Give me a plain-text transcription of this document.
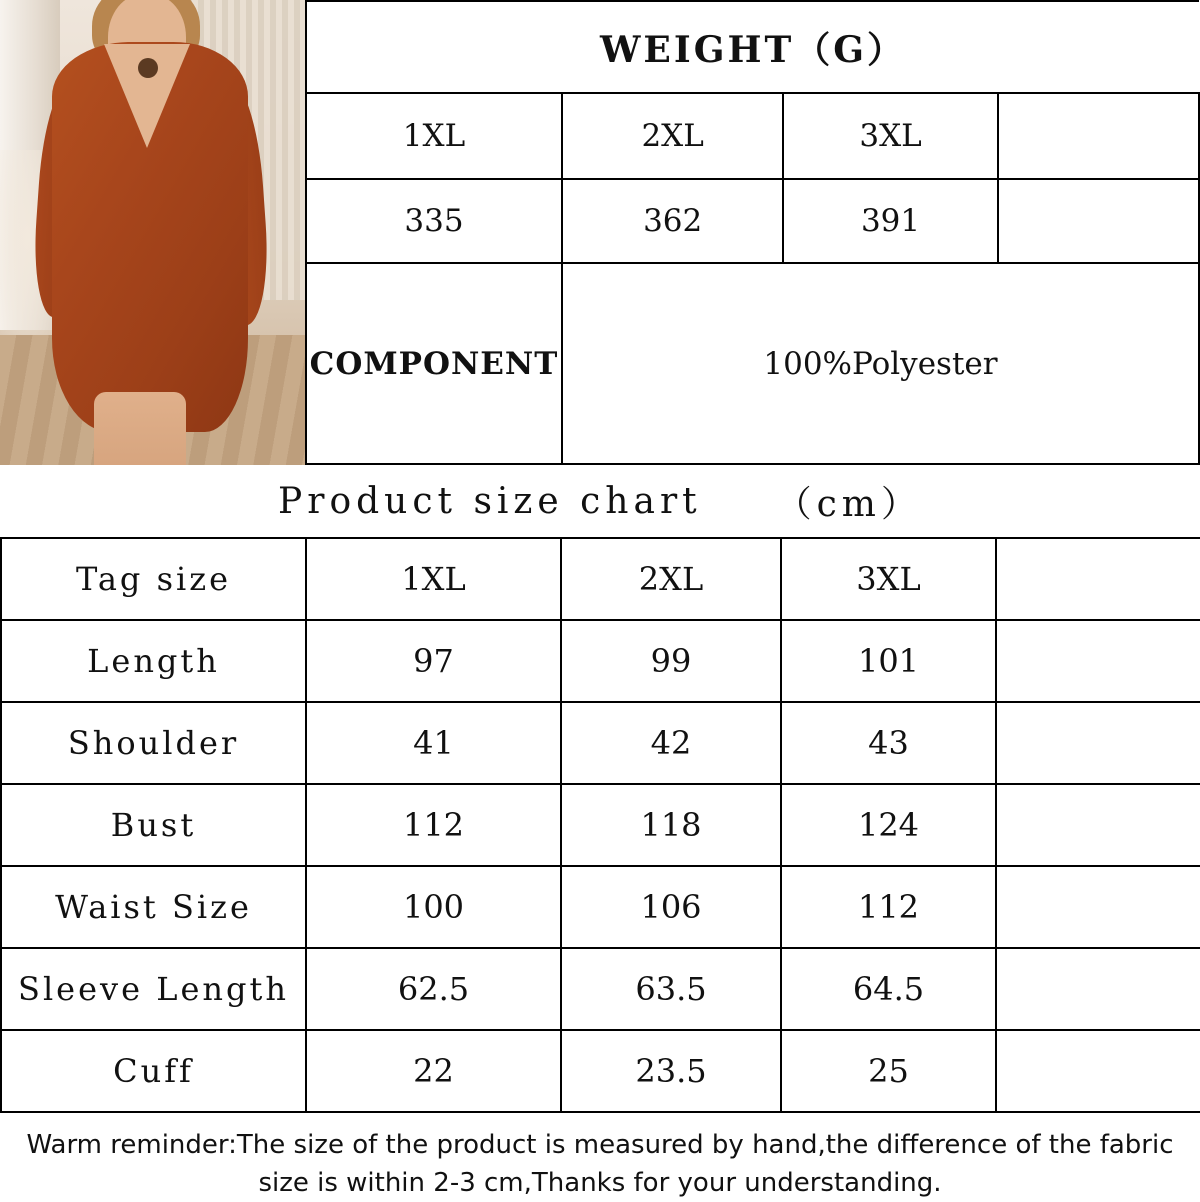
WEIGHT（G）			
1XL	2XL	3XL	
335	362	391	
COMPONENT	100%Polyester		
Product size chart （cm）
Tag size	1XL	2XL	3XL	
Length	97	99	101	
Shoulder	41	42	43	
Bust	112	118	124	
Waist Size	100	106	112	
Sleeve Length	62.5	63.5	64.5	
Cuff	22	23.5	25	
Warm reminder:The size of the product is measured by hand,the difference of the fabric
size is within 2-3 cm,Thanks for your understanding.
